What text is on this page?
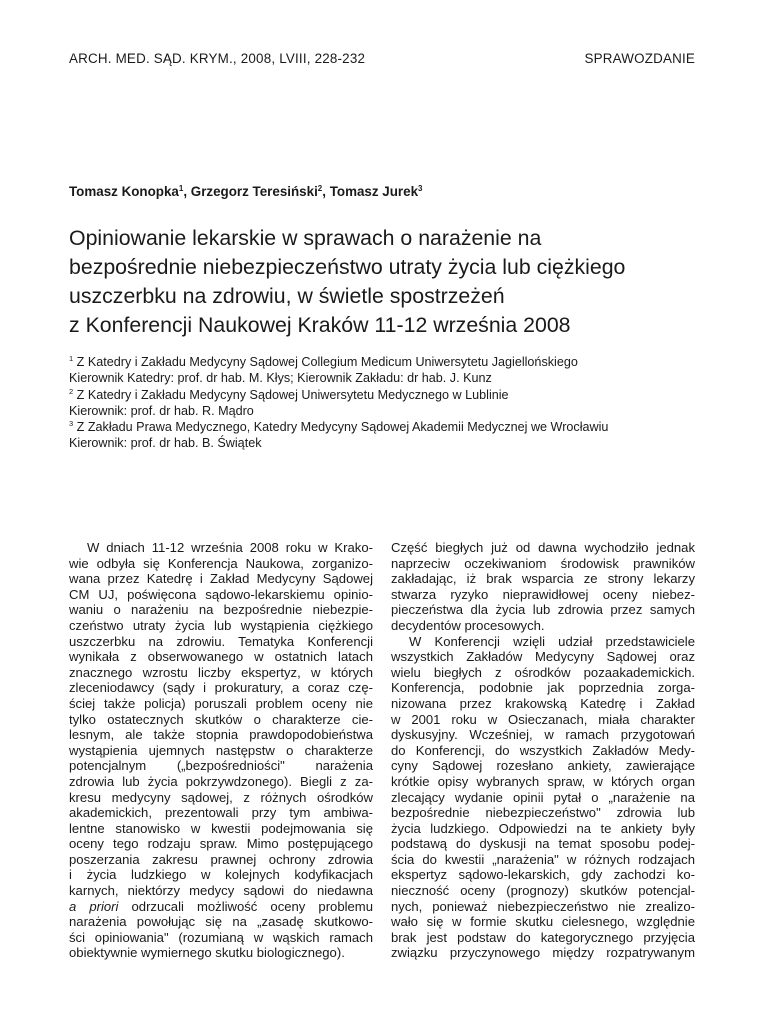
ARCH. MED. SĄD. KRYM., 2008, LVIII, 228-232	SPRAWOZDANIE
Tomasz Konopka$^1$, Grzegorz Teresiński$^2$, Tomasz Jurek$^3$
Opiniowanie lekarskie w sprawach o narażenie na
bezpośrednie niebezpieczeństwo utraty życia lub ciężkiego
uszczerbku na zdrowiu, w świetle spostrzeżeń
z Konferencji Naukowej Kraków 11-12 września 2008
$^1$ Z Katedry i Zakładu Medycyny Sądowej Collegium Medicum Uniwersytetu Jagiellońskiego
Kierownik Katedry: prof. dr hab. M. Kłys; Kierownik Zakładu: dr hab. J. Kunz
$^2$ Z Katedry i Zakładu Medycyny Sądowej Uniwersytetu Medycznego w Lublinie
Kierownik: prof. dr hab. R. Mądro
$^3$ Z Zakładu Prawa Medycznego, Katedry Medycyny Sądowej Akademii Medycznej we Wrocławiu
Kierownik: prof. dr hab. B. Świątek
W dniach 11-12 września 2008 roku w Krako-
wie odbyła się Konferencja Naukowa, zorganizo-
wana przez Katedrę i Zakład Medycyny Sądowej
CM UJ, poświęcona sądowo-lekarskiemu opinio-
waniu o narażeniu na bezpośrednie niebezpie-
czeństwo utraty życia lub wystąpienia ciężkiego
uszczerbku na zdrowiu. Tematyka Konferencji
wynikała z obserwowanego w ostatnich latach
znacznego wzrostu liczby ekspertyz, w których
zleceniodawcy (sądy i prokuratury, a coraz czę-
ściej także policja) poruszali problem oceny nie
tylko ostatecznych skutków o charakterze cie-
lesnym, ale także stopnia prawdopodobieństwa
wystąpienia ujemnych następstw o charakterze
potencjalnym („bezpośredniości" narażenia
zdrowia lub życia pokrzywdzonego). Biegli z za-
kresu medycyny sądowej, z różnych ośrodków
akademickich, prezentowali przy tym ambiwa-
lentne stanowisko w kwestii podejmowania się
oceny tego rodzaju spraw. Mimo postępującego
poszerzania zakresu prawnej ochrony zdrowia
i życia ludzkiego w kolejnych kodyfikacjach
karnych, niektórzy medycy sądowi do niedawna
a priori odrzucali możliwość oceny problemu
narażenia powołując się na „zasadę skutkowo-
ści opiniowania" (rozumianą w wąskich ramach
obiektywnie wymiernego skutku biologicznego).
Część biegłych już od dawna wychodziło jednak
naprzeciw oczekiwaniom środowisk prawników
zakładając, iż brak wsparcia ze strony lekarzy
stwarza ryzyko nieprawidłowej oceny niebez-
pieczeństwa dla życia lub zdrowia przez samych
decydentów procesowych.
W Konferencji wzięli udział przedstawiciele
wszystkich Zakładów Medycyny Sądowej oraz
wielu biegłych z ośrodków pozaakademickich.
Konferencja, podobnie jak poprzednia zorga-
nizowana przez krakowską Katedrę i Zakład
w 2001 roku w Osieczanach, miała charakter
dyskusyjny. Wcześniej, w ramach przygotowań
do Konferencji, do wszystkich Zakładów Medy-
cyny Sądowej rozesłano ankiety, zawierające
krótkie opisy wybranych spraw, w których organ
zlecający wydanie opinii pytał o „narażenie na
bezpośrednie niebezpieczeństwo" zdrowia lub
życia ludzkiego. Odpowiedzi na te ankiety były
podstawą do dyskusji na temat sposobu podej-
ścia do kwestii „narażenia" w różnych rodzajach
ekspertyz sądowo-lekarskich, gdy zachodzi ko-
nieczność oceny (prognozy) skutków potencjal-
nych, ponieważ niebezpieczeństwo nie zrealizo-
wało się w formie skutku cielesnego, względnie
brak jest podstaw do kategorycznego przyjęcia
związku przyczynowego między rozpatrywanym
